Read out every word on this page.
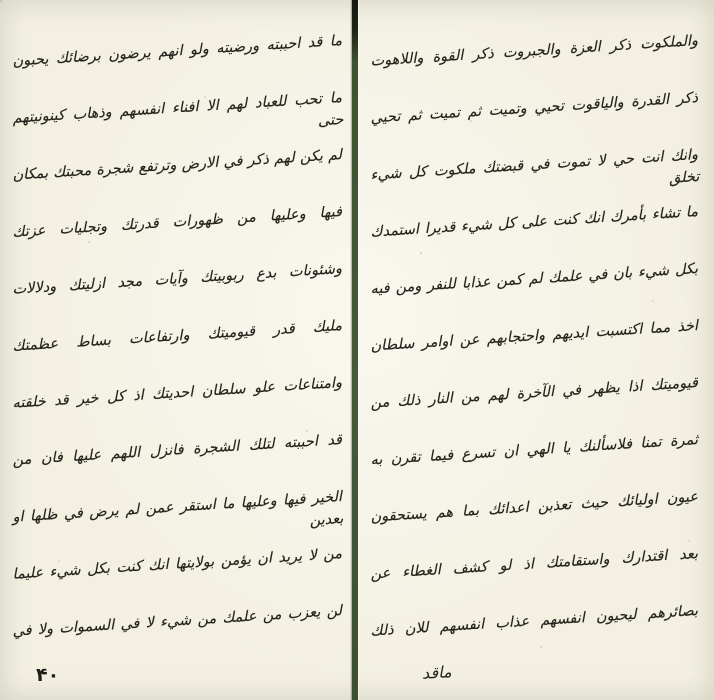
ما قد احببته ورضيته ولو انهم يرضون برضائك يحبون
ما تحب للعباد لهم الا افناء انفسهم وذهاب كينونيتهم حتى
لم يكن لهم ذكر في الارض وترتفع شجرة محبتك بمكان
فيها وعليها من ظهورات قدرتك وتجليات عزتك
وشئونات بدع ربوبيتك وآيات مجد ازليتك ودلالات
مليك قدر قيوميتك وارتفاعات بساط عظمتك
وامتناعات علو سلطان احديتك اذ كل خير قد خلقته
قد احببته لتلك الشجرة فانزل اللهم عليها فان من
الخير فيها وعليها ما استقر عمن لم يرض في ظلها او بعدين
من لا يريد ان يؤمن بولايتها انك كنت بكل شيء عليما
لن يعزب من علمك من شيء لا في السموات ولا في
۴۰
والملكوت ذكر العزة والجبروت ذكر القوة واللاهوت
ذكر القدرة والياقوت تحيي وتميت ثم تميت ثم تحيي
وانك انت حي لا تموت في قبضتك ملكوت كل شيء تخلق
ما تشاء بأمرك انك كنت على كل شيء قديرا استمدك
بكل شيء بان في علمك لم كمن عذابا للنفر ومن فيه
اخذ مما اكتسبت ايديهم واحتجابهم عن اوامر سلطان
قيوميتك اذا يظهر في الآخرة لهم من النار ذلك من
ثمرة تمنا فلاسألنك يا الهي ان تسرع فيما تقرن به
عيون اوليائك حيث تعذبن اعدائك بما هم يستحقون
بعد اقتدارك واستقامتك اذ لو كشف الغطاء عن
بصائرهم ليحيون انفسهم عذاب انفسهم للان ذلك
ماقد
